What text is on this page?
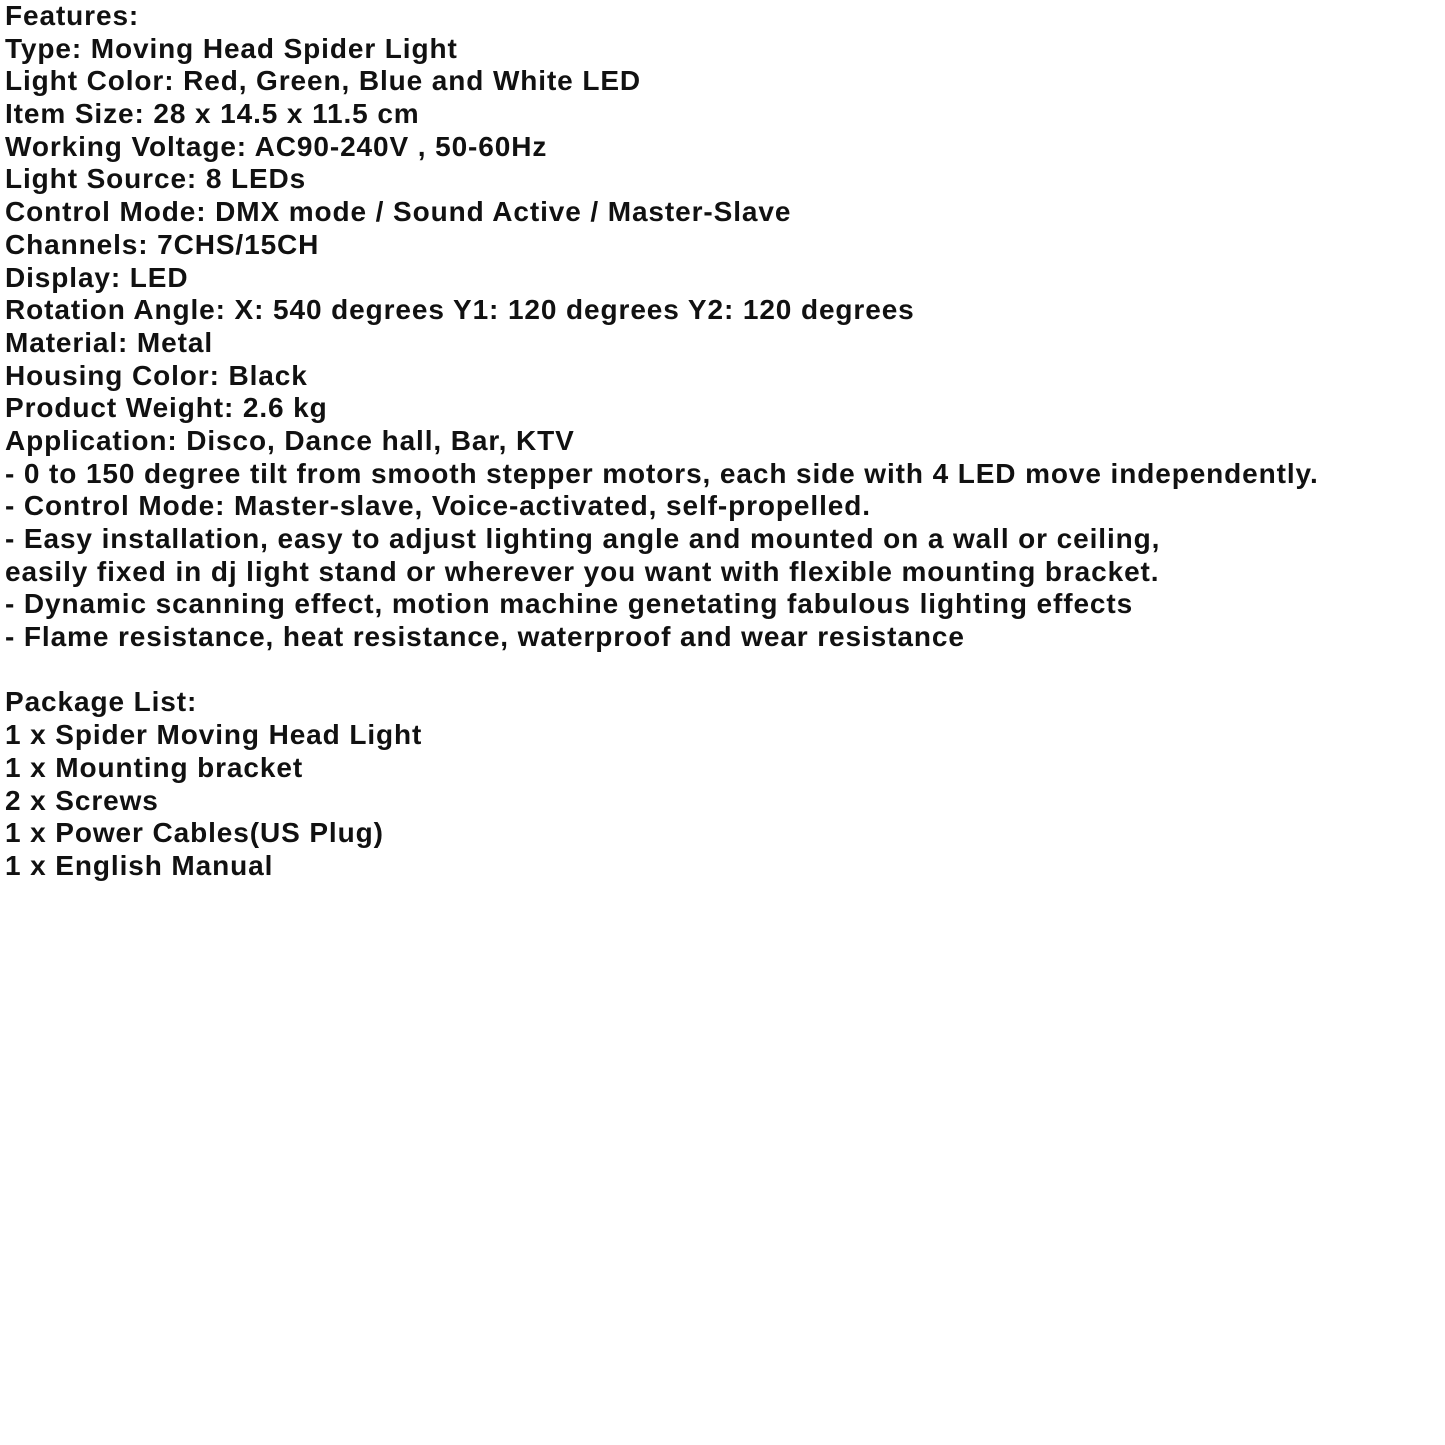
Features:
Type: Moving Head Spider Light
Light Color: Red, Green, Blue and White LED
Item Size: 28 x 14.5 x 11.5 cm
Working Voltage: AC90-240V , 50-60Hz
Light Source: 8 LEDs
Control Mode: DMX mode / Sound Active / Master-Slave
Channels: 7CHS/15CH
Display: LED
Rotation Angle: X: 540 degrees Y1: 120 degrees Y2: 120 degrees
Material: Metal
Housing Color: Black
Product Weight: 2.6 kg
Application: Disco, Dance hall, Bar, KTV
- 0 to 150 degree tilt from smooth stepper motors, each side with 4 LED move independently.
- Control Mode: Master-slave, Voice-activated, self-propelled.
- Easy installation, easy to adjust lighting angle and mounted on a wall or ceiling,
easily fixed in dj light stand or wherever you want with flexible mounting bracket.
- Dynamic scanning effect, motion machine genetating fabulous lighting effects
- Flame resistance, heat resistance, waterproof and wear resistance
Package List:
1 x Spider Moving Head Light
1 x Mounting bracket
2 x Screws
1 x Power Cables(US Plug)
1 x English Manual
